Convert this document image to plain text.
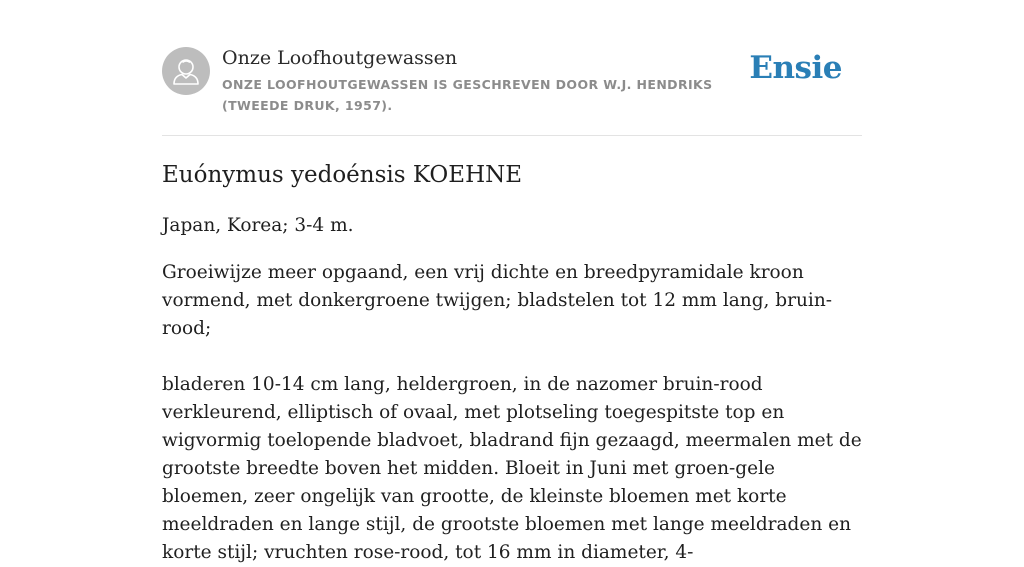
Onze Loofhoutgewassen
ONZE LOOFHOUTGEWASSEN IS GESCHREVEN DOOR W.J. HENDRIKS (TWEEDE DRUK, 1957).
Ensie
Euónymus yedoénsis KOEHNE

Japan, Korea; 3-4 m.

Groeiwijze meer opgaand, een vrij dichte en breedpyramidale kroon vormend, met donkergroene twijgen; bladstelen tot 12 mm lang, bruin-rood;

bladeren 10-14 cm lang, heldergroen, in de nazomer bruin-rood verkleurend, elliptisch of ovaal, met plotseling toegespitste top en wigvormig toelopende bladvoet, bladrand fijn gezaagd, meermalen met de grootste breedte boven het midden. Bloeit in Juni met groen-gele bloemen, zeer ongelijk van grootte, de kleinste bloemen met korte meeldraden en lange stijl, de grootste bloemen met lange meeldraden en korte stijl; vruchten rose-rood, tot 16 mm in diameter, 4-
